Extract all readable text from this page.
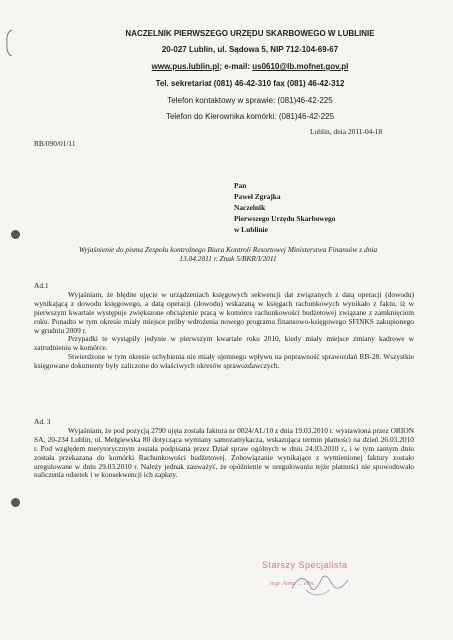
NACZELNIK PIERWSZEGO URZĘDU SKARBOWEGO W LUBLINIE
20-027 Lublin, ul. Sądowa 5, NIP 712-104-69-67
www.pus.lublin.pl; e-mail: us0610@lb.mofnet.gov.pl
Tel. sekretariat (081) 46-42-310 fax (081) 46-42-312
Telefon kontaktowy w sprawie: (081)46-42-225
Telefon do Kierownika komórki: (081)46-42-225
Lublin, dnia 2011-04-18
RB/090/01/11
Pan
Paweł Zgrajka
Naczelnik
Pierwszego Urzędu Skarbowego
w Lublinie
Wyjaśnienie do pisma Zespołu kontrolnego Biura Kontroli Resortowej Ministerstwa Finansów z dnia 13.04.2011 r. Znak 5/BKR/I/2011

Ad.1

Wyjaśniam, że błędne ujęcie w urządzeniach księgowych sekwencji dat związanych z datą operacji (dowodu) wynikającą z dowodu księgowego, a datą operacji (dowodu) wskazaną w księgach rachunkowych wynikało z faktu, iż w pierwszym kwartale występuje zwiększone obciążenie pracą w komórce rachunkowości budżetowej związane z zamknięciem roku. Ponadto w tym okresie miały miejsce próby wdrożenia nowego programu finansowo-księgowego SFINKS zakupionego w grudniu 2009 r.

Przypadki te wystąpiły jedynie w pierwszym kwartale roku 2010, kiedy miały miejsce zmiany kadrowe w zatrudnieniu w komórce.

Stwierdzone w tym okresie uchybienia nie miały ujemnego wpływu na poprawność sprawozdań RB-28. Wszystkie księgowane dokumenty były zaliczone do właściwych okresów sprawozdawczych.

Ad. 3

Wyjaśniam, że pod pozycją 2790 ujęta została faktura nr 0024/AL/10 z dnia 19.03.2010 r. wystawiona przez ORION SA, 20-234 Lublin, ul. Mełgiewska 80 dotycząca wymiany samozamykacza, wskazująca termin płatności na dzień 26.03.2010 r. Pod względem merytorycznym została podpisana przez Dział spraw ogólnych w dniu 24.03.2010 r., i w tym samym dniu została przekazana do komórki Rachunkowości budżetowej. Zobowiązanie wynikające z wymienionej faktury zostało uregulowane w dniu 29.03.2010 r. Należy jednak zauważyć, że opóźnienie w uregulowaniu tejże płatności nie spowodowało naliczenia odsetek i w konsekwencji ich zapłaty.

Starszy Specjalista
mgr Anna ... elin
